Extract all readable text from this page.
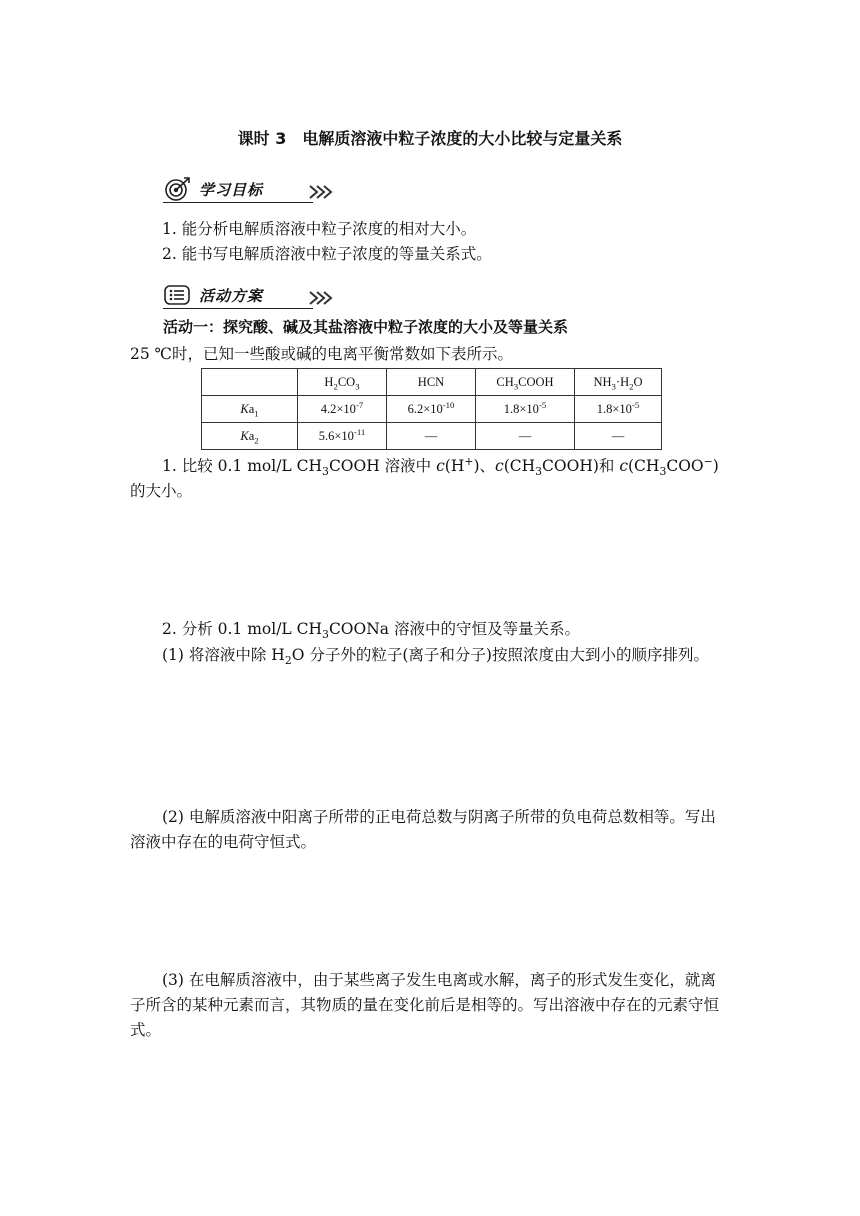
课时 3　电解质溶液中粒子浓度的大小比较与定量关系
学习目标
1. 能分析电解质溶液中粒子浓度的相对大小。
2. 能书写电解质溶液中粒子浓度的等量关系式。
活动方案
活动一：探究酸、碱及其盐溶液中粒子浓度的大小及等量关系
25 ℃时，已知一些酸或碱的电离平衡常数如下表所示。
	$H_2CO_3$	HCN	$CH_3COOH$	$NH_3\cdot H_2O$
$Ka_1$	$4.2\times 10^{-7}$	$6.2\times 10^{-10}$	$1.8\times 10^{-5}$	$1.8\times 10^{-5}$
$Ka_2$	$5.6\times 10^{-11}$	—	—	—
1. 比较 0.1 mol/L $CH_3COOH$ 溶液中 c(H+)、$c(CH_3COOH)$和 $c(CH_3COO^-)$的大小。
2. 分析 0.1 mol/L $CH_3COONa$ 溶液中的守恒及等量关系。
(1) 将溶液中除 $H_2O$ 分子外的粒子(离子和分子)按照浓度由大到小的顺序排列。
(2) 电解质溶液中阳离子所带的正电荷总数与阴离子所带的负电荷总数相等。写出溶液中存在的电荷守恒式。
(3) 在电解质溶液中，由于某些离子发生电离或水解，离子的形式发生变化，就离子所含的某种元素而言，其物质的量在变化前后是相等的。写出溶液中存在的元素守恒式。
